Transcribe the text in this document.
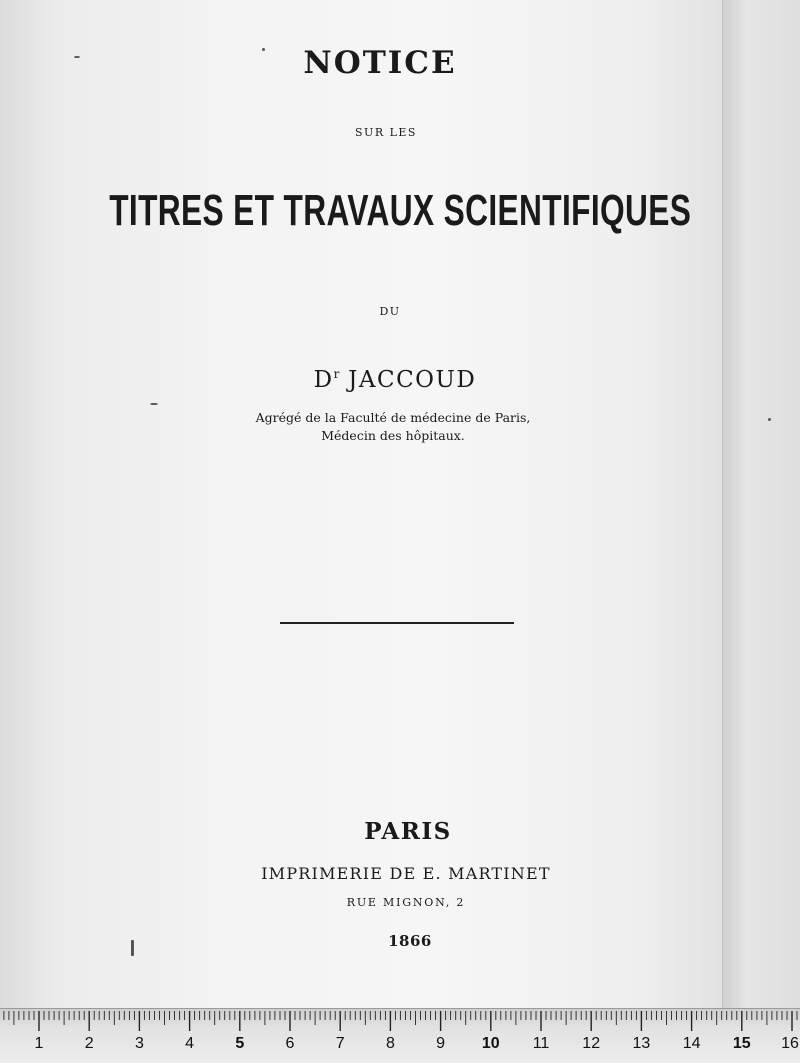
NOTICE
SUR LES
TITRES ET TRAVAUX SCIENTIFIQUES
DU
$D^r$ JACCOUD
Agrégé de la Faculté de médecine de Paris,
Médecin des hôpitaux.
PARIS
IMPRIMERIE DE E. MARTINET
RUE MIGNON, 2
1866
1	2	3	4	5	6	7	8	9 10 11 12 13 14 15 16
